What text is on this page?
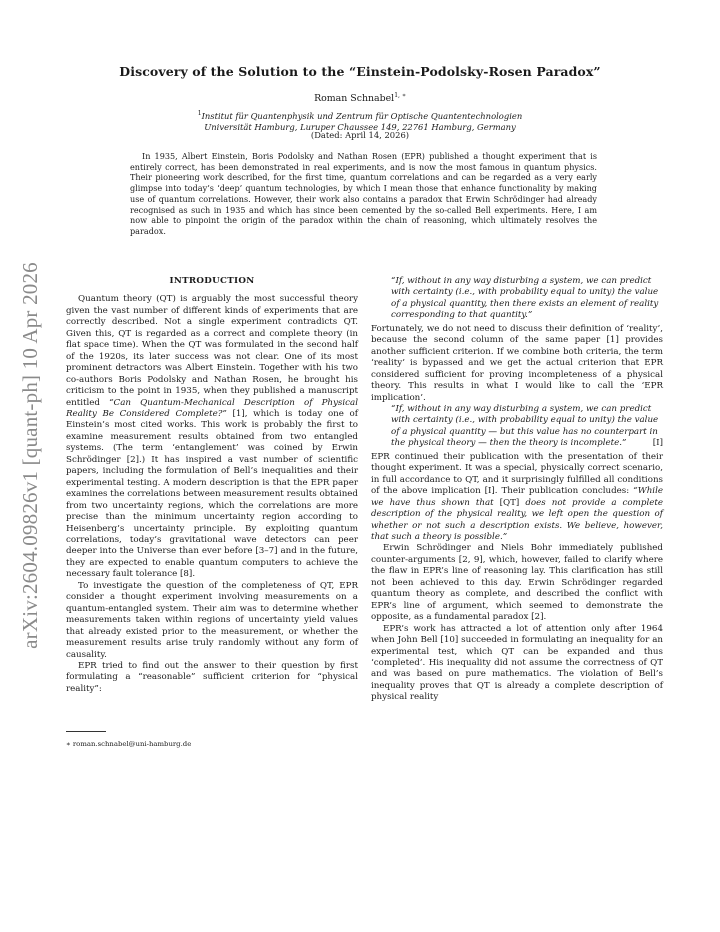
arXiv:2604.09826v1 [quant-ph] 10 Apr 2026
Discovery of the Solution to the “Einstein-Podolsky-Rosen Paradox”
Roman Schnabel$^{1, ∗}$
$^1$Institut für Quantenphysik und Zentrum für Optische Quantentechnologien
Universität Hamburg, Luruper Chaussee 149, 22761 Hamburg, Germany
(Dated: April 14, 2026)
In 1935, Albert Einstein, Boris Podolsky and Nathan Rosen (EPR) published a thought experiment that is entirely correct, has been demonstrated in real experiments, and is now the most famous in quantum physics. Their pioneering work described, for the first time, quantum correlations and can be regarded as a very early glimpse into today’s ‘deep’ quantum technologies, by which I mean those that enhance functionality by making use of quantum correlations. However, their work also contains a paradox that Erwin Schrödinger had already recognised as such in 1935 and which has since been cemented by the so-called Bell experiments. Here, I am now able to pinpoint the origin of the paradox within the chain of reasoning, which ultimately resolves the paradox.
INTRODUCTION

Quantum theory (QT) is arguably the most successful theory given the vast number of different kinds of experiments that are correctly described. Not a single experiment contradicts QT. Given this, QT is regarded as a correct and complete theory (in flat space time). When the QT was formulated in the second half of the 1920s, its later success was not clear. One of its most prominent detractors was Albert Einstein. Together with his two co-authors Boris Podolsky and Nathan Rosen, he brought his criticism to the point in 1935, when they published a manuscript entitled “Can Quantum-Mechanical Description of Physical Reality Be Considered Complete?” [1], which is today one of Einstein’s most cited works. This work is probably the first to examine measurement results obtained from two entangled systems. (The term ‘entanglement’ was coined by Erwin Schrödinger [2].) It has inspired a vast number of scientific papers, including the formulation of Bell’s inequalities and their experimental testing. A modern description is that the EPR paper examines the correlations between measurement results obtained from two uncertainty regions, which the correlations are more precise than the minimum uncertainty region according to Heisenberg’s uncertainty principle. By exploiting quantum correlations, today’s gravitational wave detectors can peer deeper into the Universe than ever before [3–7] and in the future, they are expected to enable quantum computers to achieve the necessary fault tolerance [8].

To investigate the question of the completeness of QT, EPR consider a thought experiment involving measurements on a quantum-entangled system. Their aim was to determine whether measurements taken within regions of uncertainty yield values that already existed prior to the measurement, or whether the measurement results arise truly randomly without any form of causality.

EPR tried to find out the answer to their question by first formulating a “reasonable” sufficient criterion for “physical reality”:

∗ roman.schnabel@uni-hamburg.de

“If, without in any way disturbing a system, we can predict with certainty (i.e., with probability equal to unity) the value of a physical quantity, then there exists an element of reality corresponding to that quantity.”

Fortunately, we do not need to discuss their definition of ‘reality’, because the second column of the same paper [1] provides another sufficient criterion. If we combine both criteria, the term ‘reality’ is bypassed and we get the actual criterion that EPR considered sufficient for proving incompleteness of a physical theory. This results in what I would like to call the ‘EPR implication’.

“If, without in any way disturbing a system, we can predict with certainty (i.e., with probability equal to unity) the value of a physical quantity — but this value has no counterpart in the physical theory — then the theory is incomplete.”	[I]

EPR continued their publication with the presentation of their thought experiment. It was a special, physically correct scenario, in full accordance to QT, and it surprisingly fulfilled all conditions of the above implication [I]. Their publication concludes: “While we have thus shown that [QT] does not provide a complete description of the physical reality, we left open the question of whether or not such a description exists. We believe, however, that such a theory is possible.”

Erwin Schrödinger and Niels Bohr immediately published counter-arguments [2, 9], which, however, failed to clarify where the flaw in EPR’s line of reasoning lay. This clarification has still not been achieved to this day. Erwin Schrödinger regarded quantum theory as complete, and described the conflict with EPR’s line of argument, which seemed to demonstrate the opposite, as a fundamental paradox [2].

EPR’s work has attracted a lot of attention only after 1964 when John Bell [10] succeeded in formulating an inequality for an experimental test, which QT can be expanded and thus ‘completed’. His inequality did not assume the correctness of QT and was based on pure mathematics. The violation of Bell’s inequality proves that QT is already a complete description of physical reality
